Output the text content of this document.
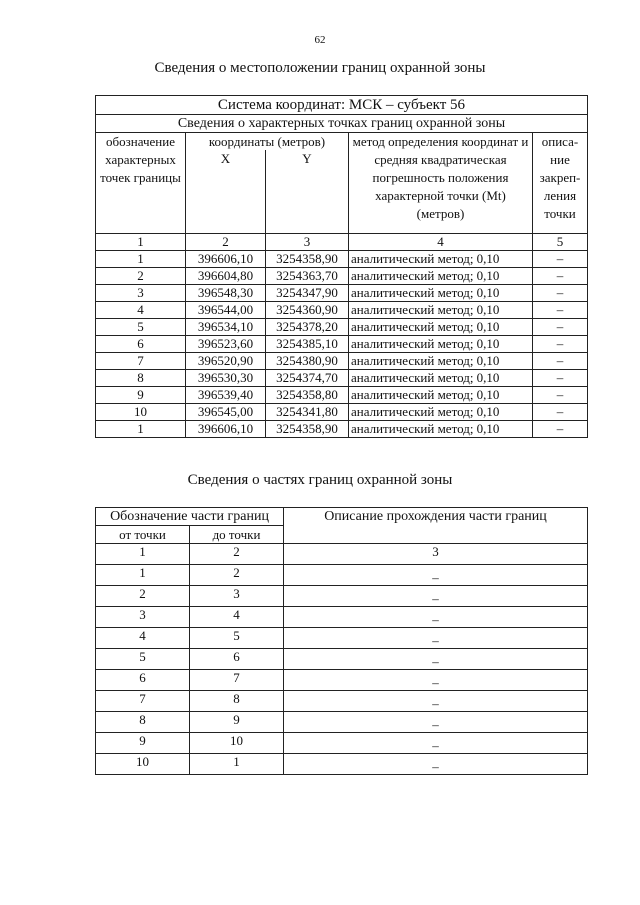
62
Сведения о местоположении границ охранной зоны
Система координат: МСК – субъект 56				
Сведения о характерных точках границ охранной зоны				
обозначение характерных точек границы	координаты (метров)		метод определения координат и средняя квадратическая погрешность положения характерной точки (Mt) (метров)	описа-ние закреп-ления точки
	X	Y		
1	2	3	4	5
1	396606,10	3254358,90	аналитический метод; 0,10	–
2	396604,80	3254363,70	аналитический метод; 0,10	–
3	396548,30	3254347,90	аналитический метод; 0,10	–
4	396544,00	3254360,90	аналитический метод; 0,10	–
5	396534,10	3254378,20	аналитический метод; 0,10	–
6	396523,60	3254385,10	аналитический метод; 0,10	–
7	396520,90	3254380,90	аналитический метод; 0,10	–
8	396530,30	3254374,70	аналитический метод; 0,10	–
9	396539,40	3254358,80	аналитический метод; 0,10	–
10	396545,00	3254341,80	аналитический метод; 0,10	–
1	396606,10	3254358,90	аналитический метод; 0,10	–
Сведения о частях границ охранной зоны
Обозначение части границ		Описание прохождения части границ
от точки	до точки	
1	2	3
1	2	–
2	3	–
3	4	–
4	5	–
5	6	–
6	7	–
7	8	–
8	9	–
9	10	–
10	1	–
